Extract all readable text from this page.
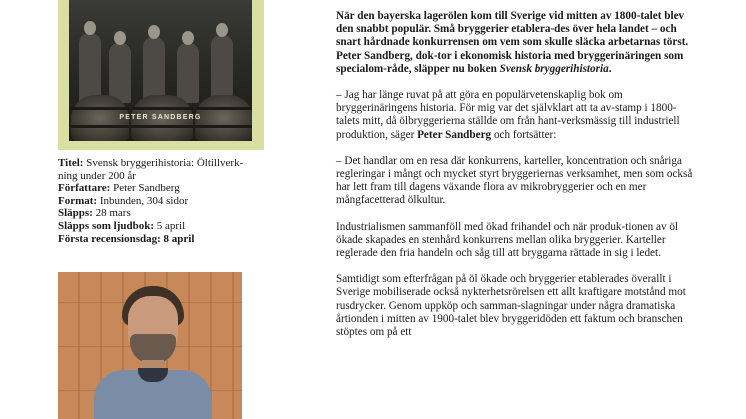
PETER SANDBERG

Titel: Svensk bryggerihistoria: Öltillverk-
ning under 200 år

Författare: Peter Sandberg

Format: Inbunden, 304 sidor

Släpps: 28 mars

Släpps som ljudbok: 5 april

Första recensionsdag: 8 april

När den bayerska lagerölen kom till Sverige vid mitten av 1800-talet blev den snabbt populär. Små bryggerier etablera-des över hela landet – och snart hårdnade konkurrensen om vem som skulle släcka arbetarnas törst. Peter Sandberg, dok-tor i ekonomisk historia med bryggerinäringen som specialom-råde, släpper nu boken Svensk bryggerihistoria.

– Jag har länge ruvat på att göra en populärvetenskaplig bok om bryggerinäringens historia. För mig var det självklart att ta av-stamp i 1800-talets mitt, då ölbryggerierna ställde om från hant-verksmässig till industriell produktion, säger Peter Sandberg och fortsätter:

– Det handlar om en resa där konkurrens, karteller, koncentration och snåriga regleringar i mångt och mycket styrt bryggeriernas verksamhet, men som också har lett fram till dagens växande flora av mikrobryggerier och en mer mångfacetterad ölkultur.

Industrialismen sammanföll med ökad frihandel och när produk-tionen av öl ökade skapades en stenhård konkurrens mellan olika bryggerier. Karteller reglerade den fria handeln och såg till att bryggarna rättade in sig i ledet.

Samtidigt som efterfrågan på öl ökade och bryggerier etablerades överallt i Sverige mobiliserade också nykterhetsrörelsen ett allt kraftigare motstånd mot rusdrycker. Genom uppköp och samman-slagningar under några dramatiska årtionden i mitten av 1900-talet blev bryggeridöden ett faktum och branschen stöptes om på ett
